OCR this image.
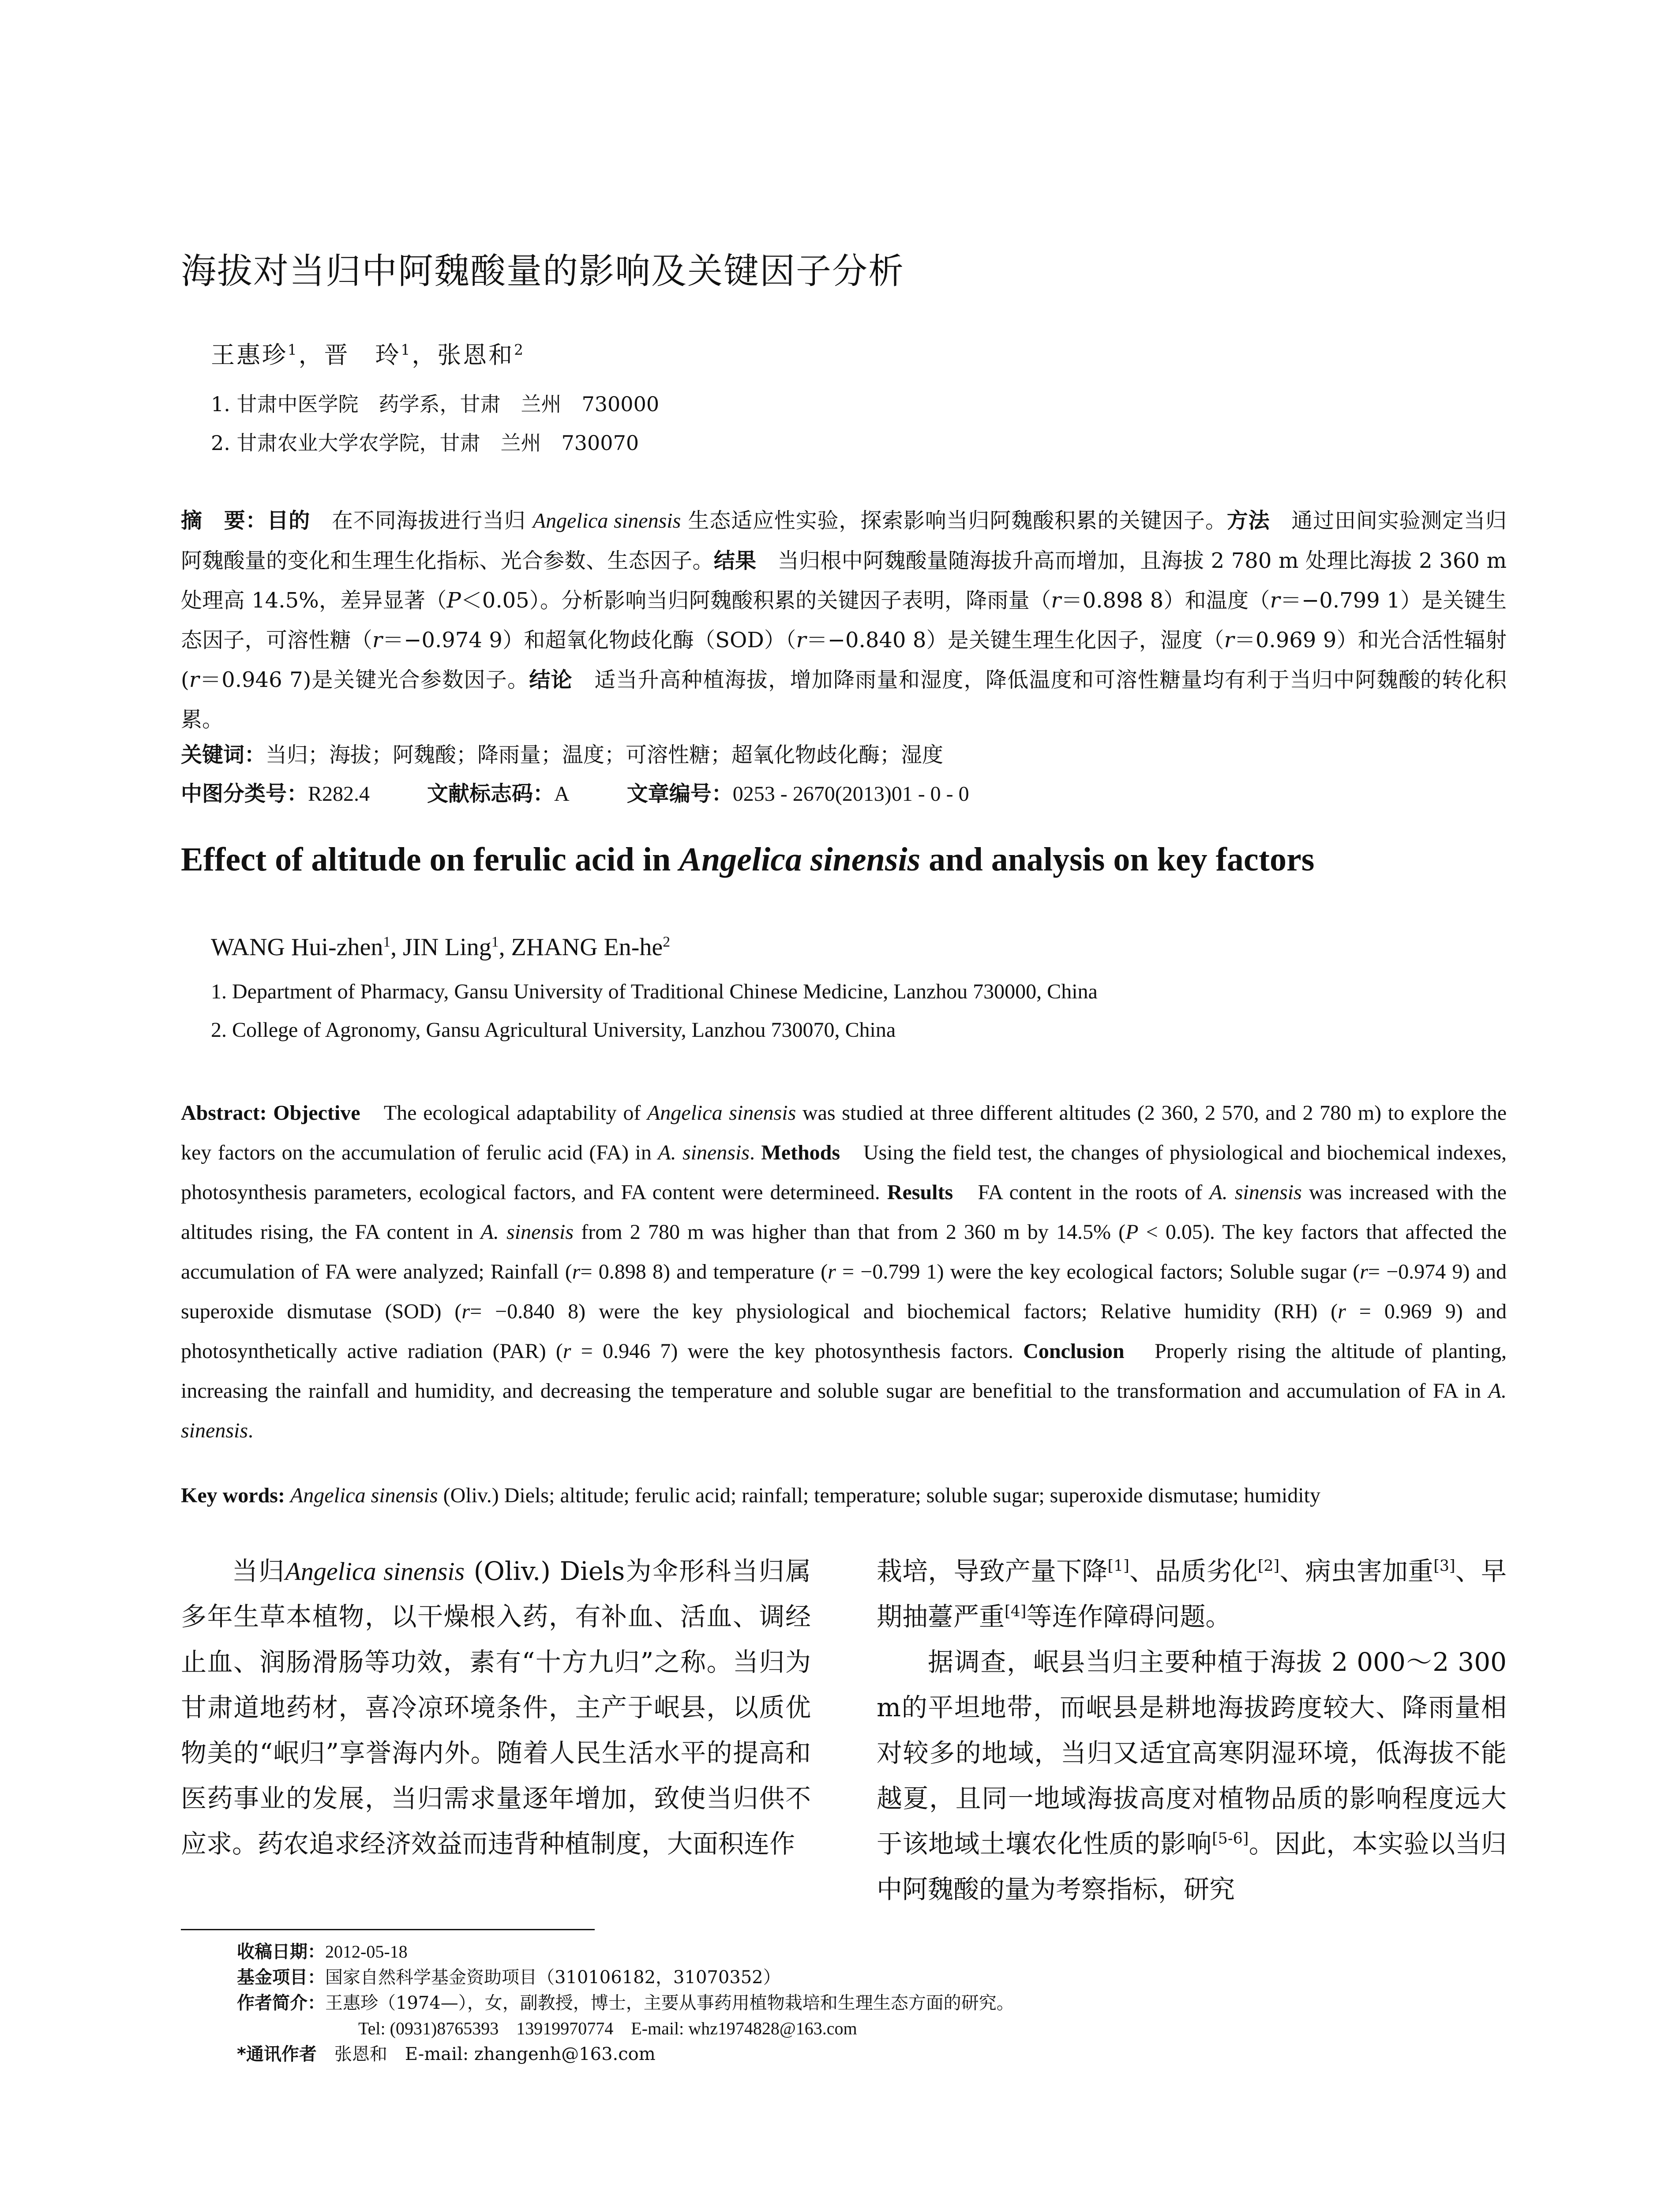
海拔对当归中阿魏酸量的影响及关键因子分析
王惠珍$^1$，晋　玲$^1$，张恩和$^2$
1. 甘肃中医学院　药学系，甘肃　兰州　730000
2. 甘肃农业大学农学院，甘肃　兰州　730070
摘　要：目的　在不同海拔进行当归 Angelica sinensis 生态适应性实验，探索影响当归阿魏酸积累的关键因子。方法　通过田间实验测定当归阿魏酸量的变化和生理生化指标、光合参数、生态因子。结果　当归根中阿魏酸量随海拔升高而增加，且海拔 2 780 m 处理比海拔 2 360 m 处理高 14.5%，差异显著（P＜0.05）。分析影响当归阿魏酸积累的关键因子表明，降雨量（r＝0.898 8）和温度（r＝−0.799 1）是关键生态因子，可溶性糖（r＝−0.974 9）和超氧化物歧化酶（SOD）（r＝−0.840 8）是关键生理生化因子，湿度（r＝0.969 9）和光合活性辐射(r＝0.946 7)是关键光合参数因子。结论　适当升高种植海拔，增加降雨量和湿度，降低温度和可溶性糖量均有利于当归中阿魏酸的转化积累。
关键词：当归；海拔；阿魏酸；降雨量；温度；可溶性糖；超氧化物歧化酶；湿度
中图分类号：R282.4	文献标志码：A	文章编号：0253 - 2670(2013)01 - 0 - 0
Effect of altitude on ferulic acid in Angelica sinensis and analysis on key factors
WANG Hui-zhen$^1$, JIN Ling$^1$, ZHANG $En-he^2$
1. Department of Pharmacy, Gansu University of Traditional Chinese Medicine, Lanzhou 730000, China
2. College of Agronomy, Gansu Agricultural University, Lanzhou 730070, China
Abstract: Objective　The ecological adaptability of Angelica sinensis was studied at three different altitudes (2 360, 2 570, and 2 780 m) to explore the key factors on the accumulation of ferulic acid (FA) in A. sinensis. Methods　Using the field test, the changes of physiological and biochemical indexes, photosynthesis parameters, ecological factors, and FA content were determineed. Results　FA content in the roots of A. sinensis was increased with the altitudes rising, the FA content in A. sinensis from 2 780 m was higher than that from 2 360 m by 14.5% (P < 0.05). The key factors that affected the accumulation of FA were analyzed; Rainfall (r= 0.898 8) and temperature (r = −0.799 1) were the key ecological factors; Soluble sugar (r= −0.974 9) and superoxide dismutase (SOD) (r= −0.840 8) were the key physiological and biochemical factors; Relative humidity (RH) (r = 0.969 9) and photosynthetically active radiation (PAR) (r = 0.946 7) were the key photosynthesis factors. Conclusion　Properly rising the altitude of planting, increasing the rainfall and humidity, and decreasing the temperature and soluble sugar are benefitial to the transformation and accumulation of FA in A. sinensis.
Key words: Angelica sinensis (Oliv.) Diels; altitude; ferulic acid; rainfall; temperature; soluble sugar; superoxide dismutase; humidity

当归Angelica sinensis (Oliv.) Diels为伞形科当归属多年生草本植物，以干燥根入药，有补血、活血、调经止血、润肠滑肠等功效，素有“十方九归”之称。当归为甘肃道地药材，喜冷凉环境条件，主产于岷县，以质优物美的“岷归”享誉海内外。随着人民生活水平的提高和医药事业的发展，当归需求量逐年增加，致使当归供不应求。药农追求经济效益而违背种植制度，大面积连作

栽培，导致产量下降[1]、品质劣化[2]、病虫害加重[3]、早期抽薹严重[4]等连作障碍问题。

据调查，岷县当归主要种植于海拔 2 000～2 300 m的平坦地带，而岷县是耕地海拔跨度较大、降雨量相对较多的地域，当归又适宜高寒阴湿环境，低海拔不能越夏，且同一地域海拔高度对植物品质的影响程度远大于该地域土壤农化性质的影响[5-6]。因此，本实验以当归中阿魏酸的量为考察指标，研究

收稿日期：2012-05-18
基金项目：国家自然科学基金资助项目（310106182，31070352）
作者简介：王惠珍（1974—），女，副教授，博士，主要从事药用植物栽培和生理生态方面的研究。
Tel: (0931)8765393　13919970774　E-mail: whz1974828@163.com
*通讯作者　张恩和　E-mail: zhangenh@163.com
